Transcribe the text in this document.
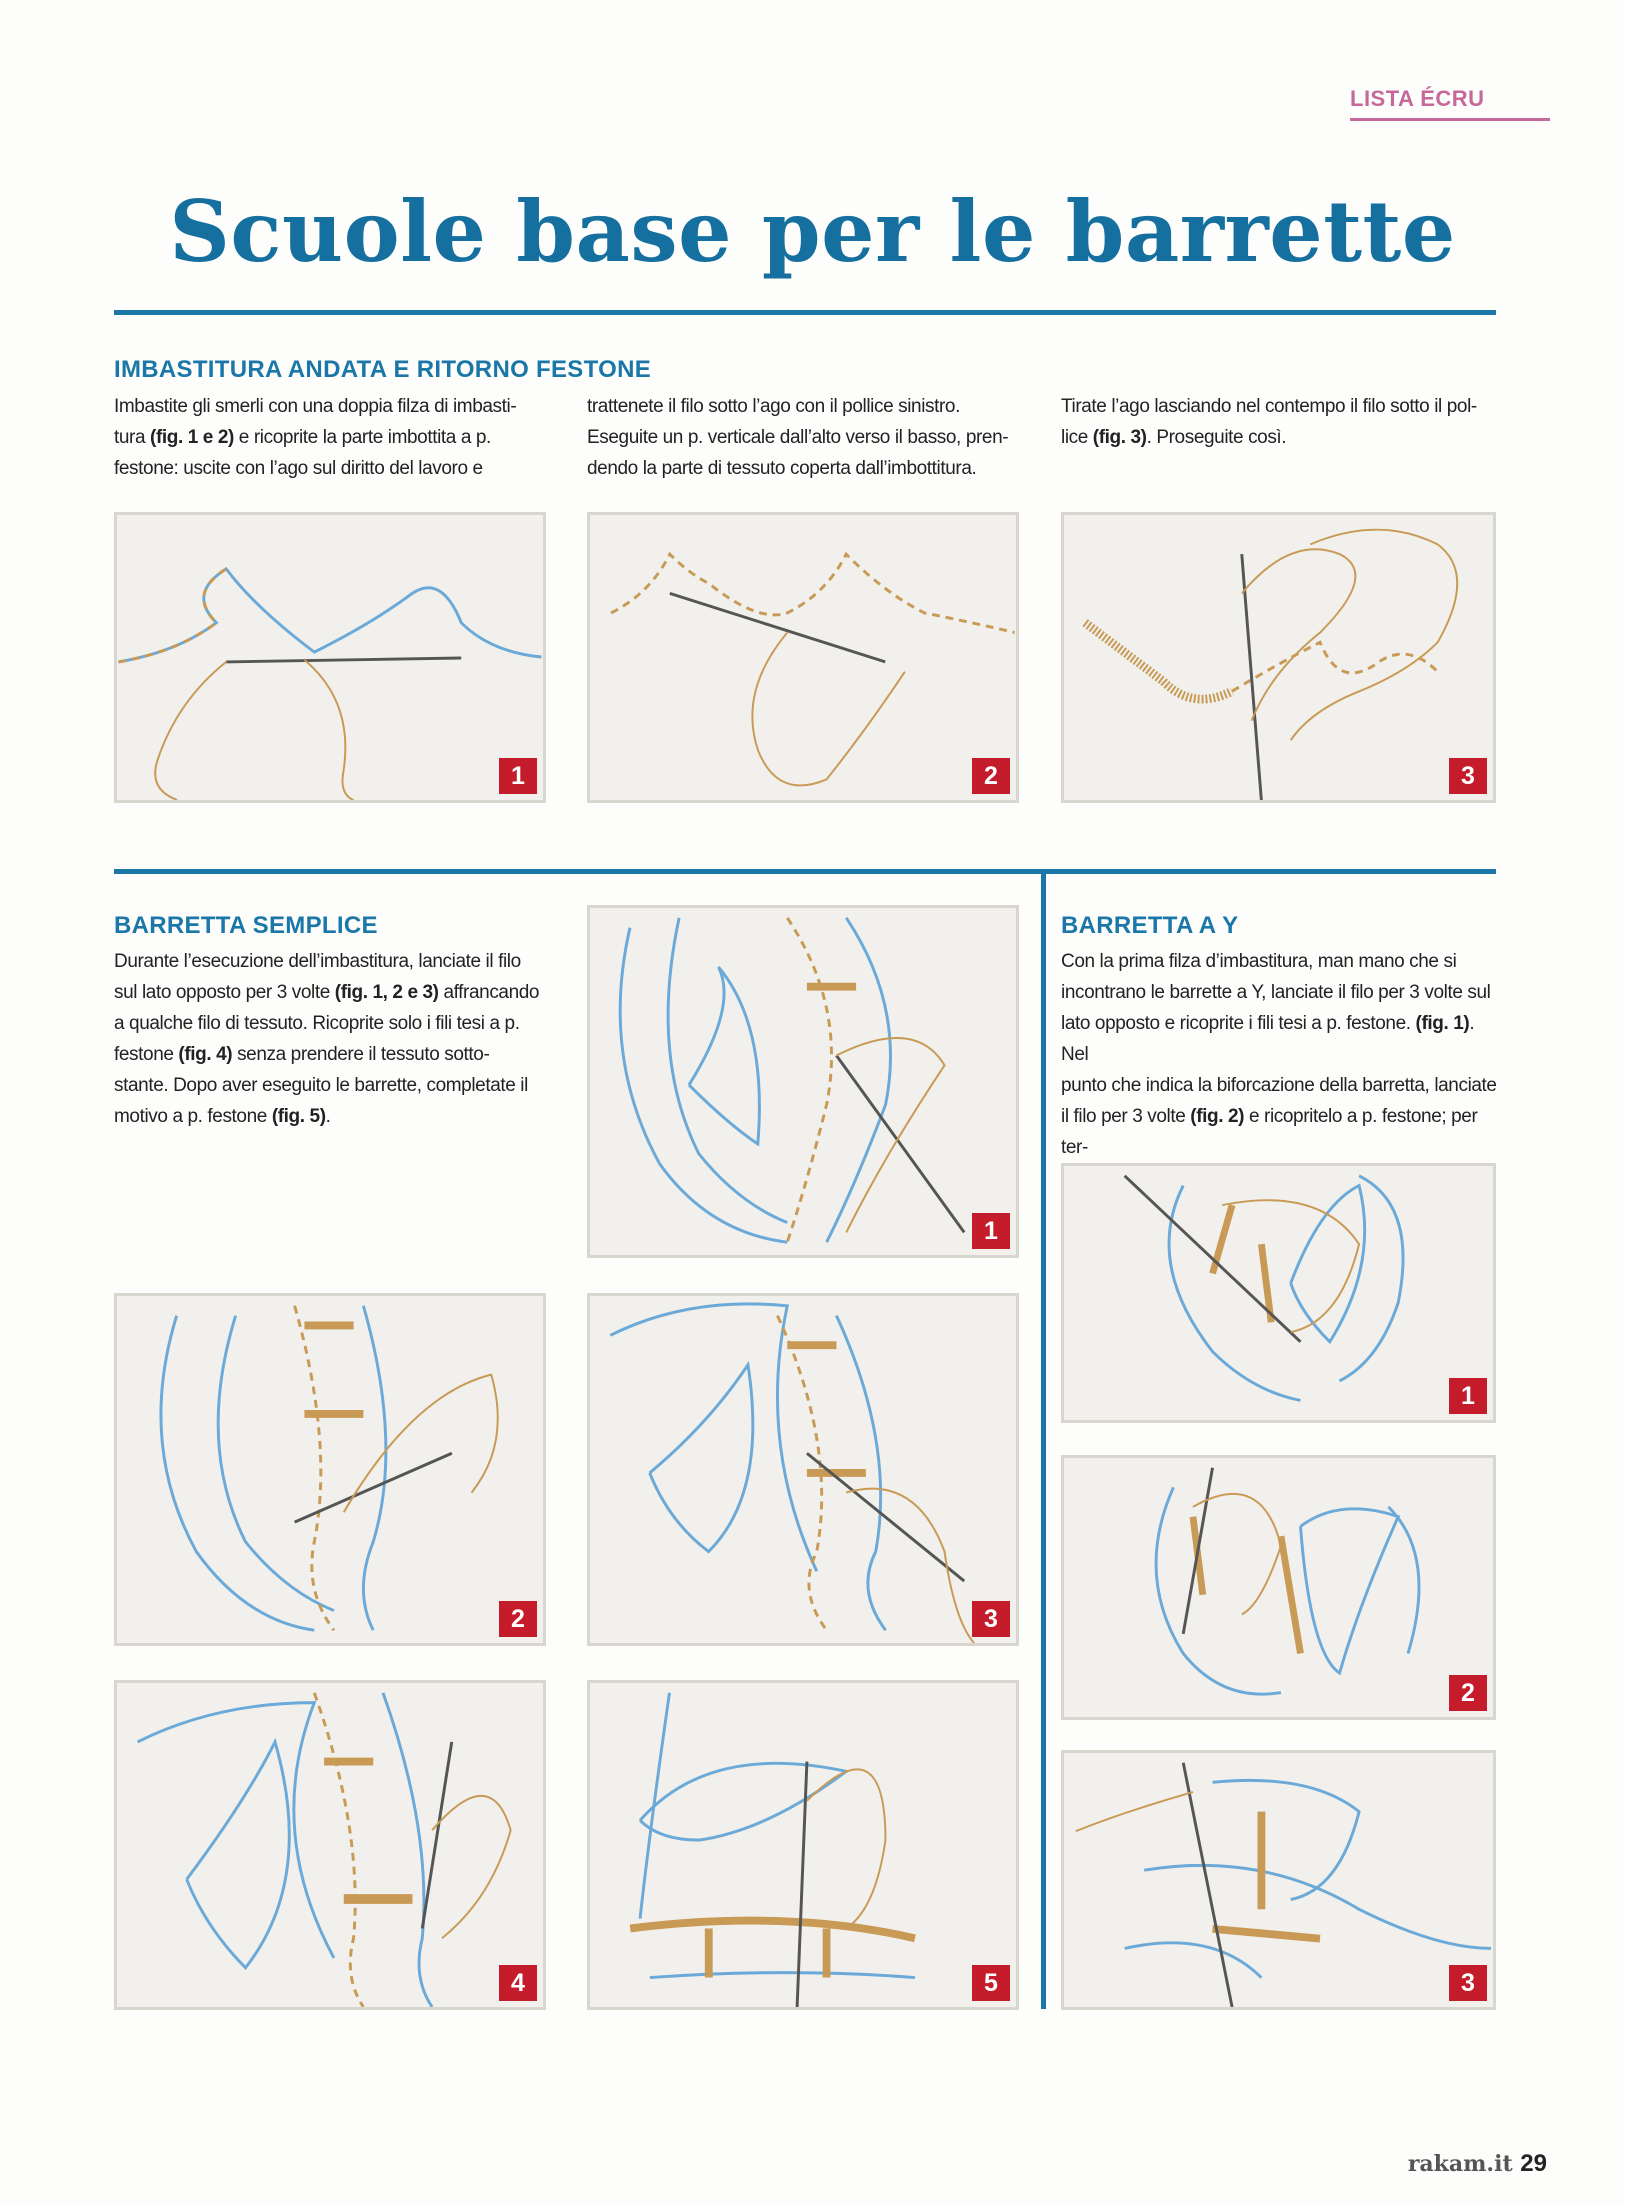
LISTA ÉCRU
Scuole base per le barrette
IMBASTITURA ANDATA E RITORNO FESTONE
Imbastite gli smerli con una doppia filza di imbasti-
tura (fig. 1 e 2) e ricoprite la parte imbottita a p.
festone: uscite con l’ago sul diritto del lavoro e
trattenete il filo sotto l’ago con il pollice sinistro.
Eseguite un p. verticale dall’alto verso il basso, pren-
dendo la parte di tessuto coperta dall’imbottitura.
Tirate l’ago lasciando nel contempo il filo sotto il pol-
lice (fig. 3). Proseguite così.
1	2	3
BARRETTA SEMPLICE
Durante l’esecuzione dell’imbastitura, lanciate il filo
sul lato opposto per 3 volte (fig. 1, 2 e 3) affrancando
a qualche filo di tessuto. Ricoprite solo i fili tesi a p.
festone (fig. 4) senza prendere il tessuto sotto-
stante. Dopo aver eseguito le barrette, completate il
motivo a p. festone (fig. 5).
1
2	3
4	5
BARRETTA A Y
Con la prima filza d’imbastitura, man mano che si
incontrano le barrette a Y, lanciate il filo per 3 volte sul
lato opposto e ricoprite i fili tesi a p. festone. (fig. 1). Nel
punto che indica la biforcazione della barretta, lanciate
il filo per 3 volte (fig. 2) e ricopritelo a p. festone; per ter-
1
2
3
rakam.it 29
